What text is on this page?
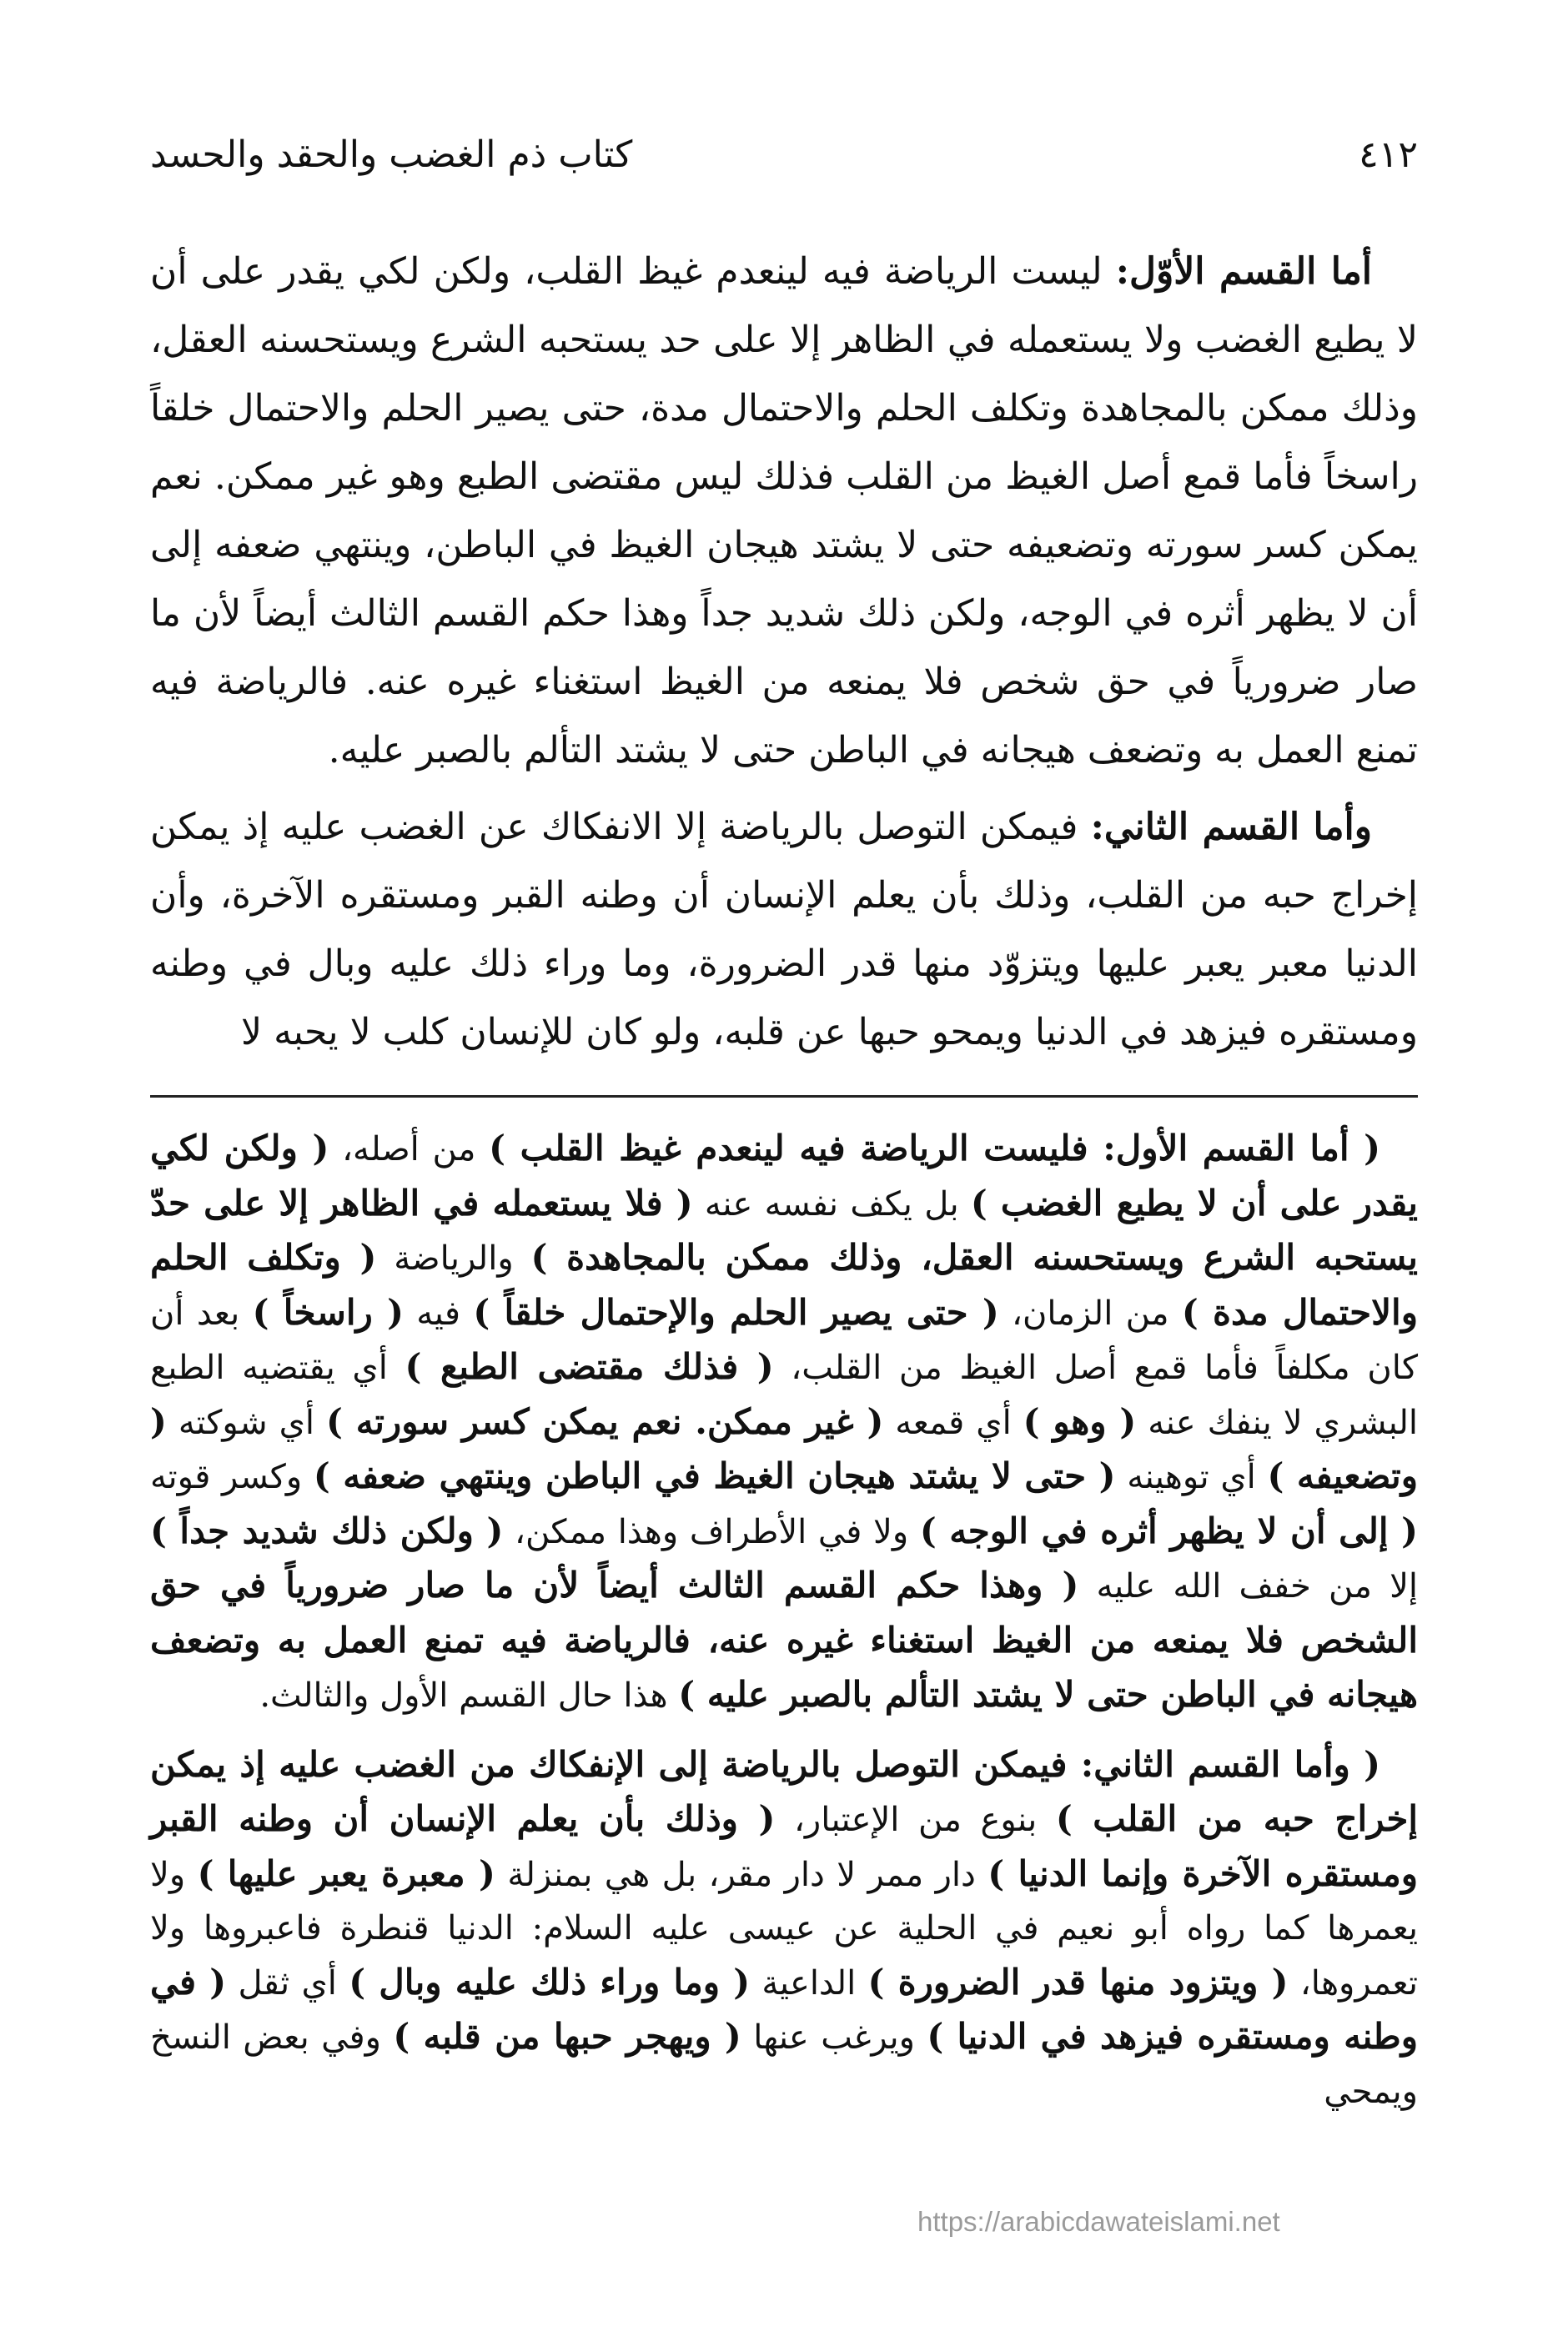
٤١٢
كتاب ذم الغضب والحقد والحسد

أما القسم الأوّل: ليست الرياضة فيه لينعدم غيظ القلب، ولكن لكي يقدر على أن لا يطيع الغضب ولا يستعمله في الظاهر إلا على حد يستحبه الشرع ويستحسنه العقل، وذلك ممكن بالمجاهدة وتكلف الحلم والاحتمال مدة، حتى يصير الحلم والاحتمال خلقاً راسخاً فأما قمع أصل الغيظ من القلب فذلك ليس مقتضى الطبع وهو غير ممكن. نعم يمكن كسر سورته وتضعيفه حتى لا يشتد هيجان الغيظ في الباطن، وينتهي ضعفه إلى أن لا يظهر أثره في الوجه، ولكن ذلك شديد جداً وهذا حكم القسم الثالث أيضاً لأن ما صار ضرورياً في حق شخص فلا يمنعه من الغيظ استغناء غيره عنه. فالرياضة فيه تمنع العمل به وتضعف هيجانه في الباطن حتى لا يشتد التألم بالصبر عليه.

وأما القسم الثاني: فيمكن التوصل بالرياضة إلا الانفكاك عن الغضب عليه إذ يمكن إخراج حبه من القلب، وذلك بأن يعلم الإنسان أن وطنه القبر ومستقره الآخرة، وأن الدنيا معبر يعبر عليها ويتزوّد منها قدر الضرورة، وما وراء ذلك عليه وبال في وطنه ومستقره فيزهد في الدنيا ويمحو حبها عن قلبه، ولو كان للإنسان كلب لا يحبه لا

( أما القسم الأول: فليست الرياضة فيه لينعدم غيظ القلب ) من أصله، ( ولكن لكي يقدر على أن لا يطيع الغضب ) بل يكف نفسه عنه ( فلا يستعمله في الظاهر إلا على حدّ يستحبه الشرع ويستحسنه العقل، وذلك ممكن بالمجاهدة ) والرياضة ( وتكلف الحلم والاحتمال مدة ) من الزمان، ( حتى يصير الحلم والإحتمال خلقاً ) فيه ( راسخاً ) بعد أن كان مكلفاً فأما قمع أصل الغيظ من القلب، ( فذلك مقتضى الطبع ) أي يقتضيه الطبع البشري لا ينفك عنه ( وهو ) أي قمعه ( غير ممكن. نعم يمكن كسر سورته ) أي شوكته ( وتضعيفه ) أي توهينه ( حتى لا يشتد هيجان الغيظ في الباطن وينتهي ضعفه ) وكسر قوته ( إلى أن لا يظهر أثره في الوجه ) ولا في الأطراف وهذا ممكن، ( ولكن ذلك شديد جداً ) إلا من خفف الله عليه ( وهذا حكم القسم الثالث أيضاً لأن ما صار ضرورياً في حق الشخص فلا يمنعه من الغيظ استغناء غيره عنه، فالرياضة فيه تمنع العمل به وتضعف هيجانه في الباطن حتى لا يشتد التألم بالصبر عليه ) هذا حال القسم الأول والثالث.

( وأما القسم الثاني: فيمكن التوصل بالرياضة إلى الإنفكاك من الغضب عليه إذ يمكن إخراج حبه من القلب ) بنوع من الإعتبار، ( وذلك بأن يعلم الإنسان أن وطنه القبر ومستقره الآخرة وإنما الدنيا ) دار ممر لا دار مقر، بل هي بمنزلة ( معبرة يعبر عليها ) ولا يعمرها كما رواه أبو نعيم في الحلية عن عيسى عليه السلام: الدنيا قنطرة فاعبروها ولا تعمروها، ( ويتزود منها قدر الضرورة ) الداعية ( وما وراء ذلك عليه وبال ) أي ثقل ( في وطنه ومستقره فيزهد في الدنيا ) ويرغب عنها ( ويهجر حبها من قلبه ) وفي بعض النسخ ويمحي

https://arabicdawateislami.net
